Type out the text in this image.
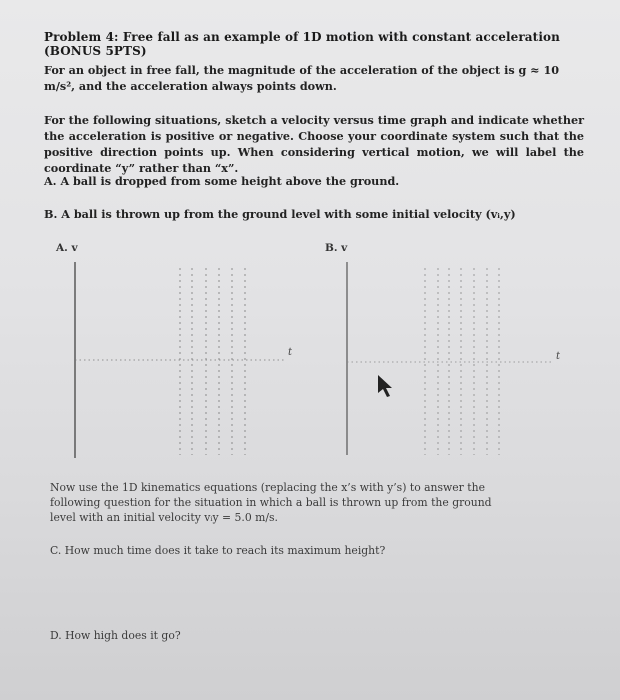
Problem 4: Free fall as an example of 1D motion with constant acceleration (BONUS 5PTS)
For an object in free fall, the magnitude of the acceleration of the object is g ≈ 10 m/s², and the acceleration always points down.
For the following situations, sketch a velocity versus time graph and indicate whether the acceleration is positive or negative. Choose your coordinate system such that the positive direction points up. When considering vertical motion, we will label the coordinate “y” rather than “x”.
A. A ball is dropped from some height above the ground.
B. A ball is thrown up from the ground level with some initial velocity (vᵢ,y)
A. v	B. v
t	t
Now use the 1D kinematics equations (replacing the x’s with y’s) to answer the following question for the situation in which a ball is thrown up from the ground level with an initial velocity vᵢy = 5.0 m/s.
C. How much time does it take to reach its maximum height?
D. How high does it go?
